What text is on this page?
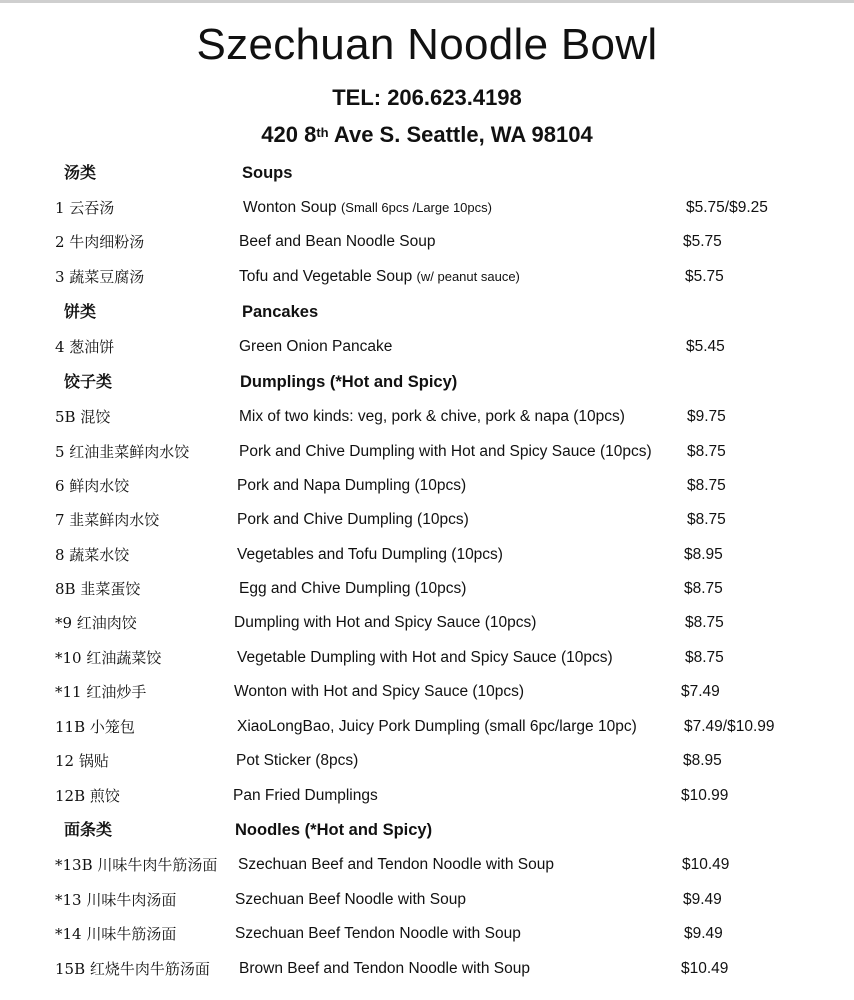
Szechuan Noodle Bowl
TEL: 206.623.4198
420 8th Ave S. Seattle, WA 98104
汤类	Soups
1 云吞汤	Wonton Soup (Small 6pcs /Large 10pcs)	$5.75/$9.25
2 牛肉细粉汤	Beef and Bean Noodle Soup	$5.75
3 蔬菜豆腐汤	Tofu and Vegetable Soup (w/ peanut sauce)	$5.75
饼类	Pancakes
4 葱油饼	Green Onion Pancake	$5.45
饺子类	Dumplings (*Hot and Spicy)
5B 混饺	Mix of two kinds: veg, pork & chive, pork & napa (10pcs)	$9.75
5 红油韭菜鲜肉水饺	Pork and Chive Dumpling with Hot and Spicy Sauce (10pcs) $8.75
6 鲜肉水饺	Pork and Napa Dumpling (10pcs)	$8.75
7 韭菜鲜肉水饺	Pork and Chive Dumpling (10pcs)	$8.75
8 蔬菜水饺	Vegetables and Tofu Dumpling (10pcs)	$8.95
8B 韭菜蛋饺	Egg and Chive Dumpling (10pcs)	$8.75
*9 红油肉饺	Dumpling with Hot and Spicy Sauce (10pcs)	$8.75
*10 红油蔬菜饺	Vegetable Dumpling with Hot and Spicy Sauce (10pcs)	$8.75
*11 红油炒手	Wonton with Hot and Spicy Sauce (10pcs)	$7.49
11B 小笼包	XiaoLongBao, Juicy Pork Dumpling (small 6pc/large 10pc)	$7.49/$10.99
12 锅贴	Pot Sticker (8pcs)	$8.95
12B 煎饺	Pan Fried Dumplings	$10.99
面条类	Noodles (*Hot and Spicy)
*13B 川味牛肉牛筋汤面 Szechuan Beef and Tendon Noodle with Soup	$10.49
*13 川味牛肉汤面	Szechuan Beef Noodle with Soup	$9.49
*14 川味牛筋汤面	Szechuan Beef Tendon Noodle with Soup	$9.49
15B 红烧牛肉牛筋汤面 Brown Beef and Tendon Noodle with Soup	$10.49
